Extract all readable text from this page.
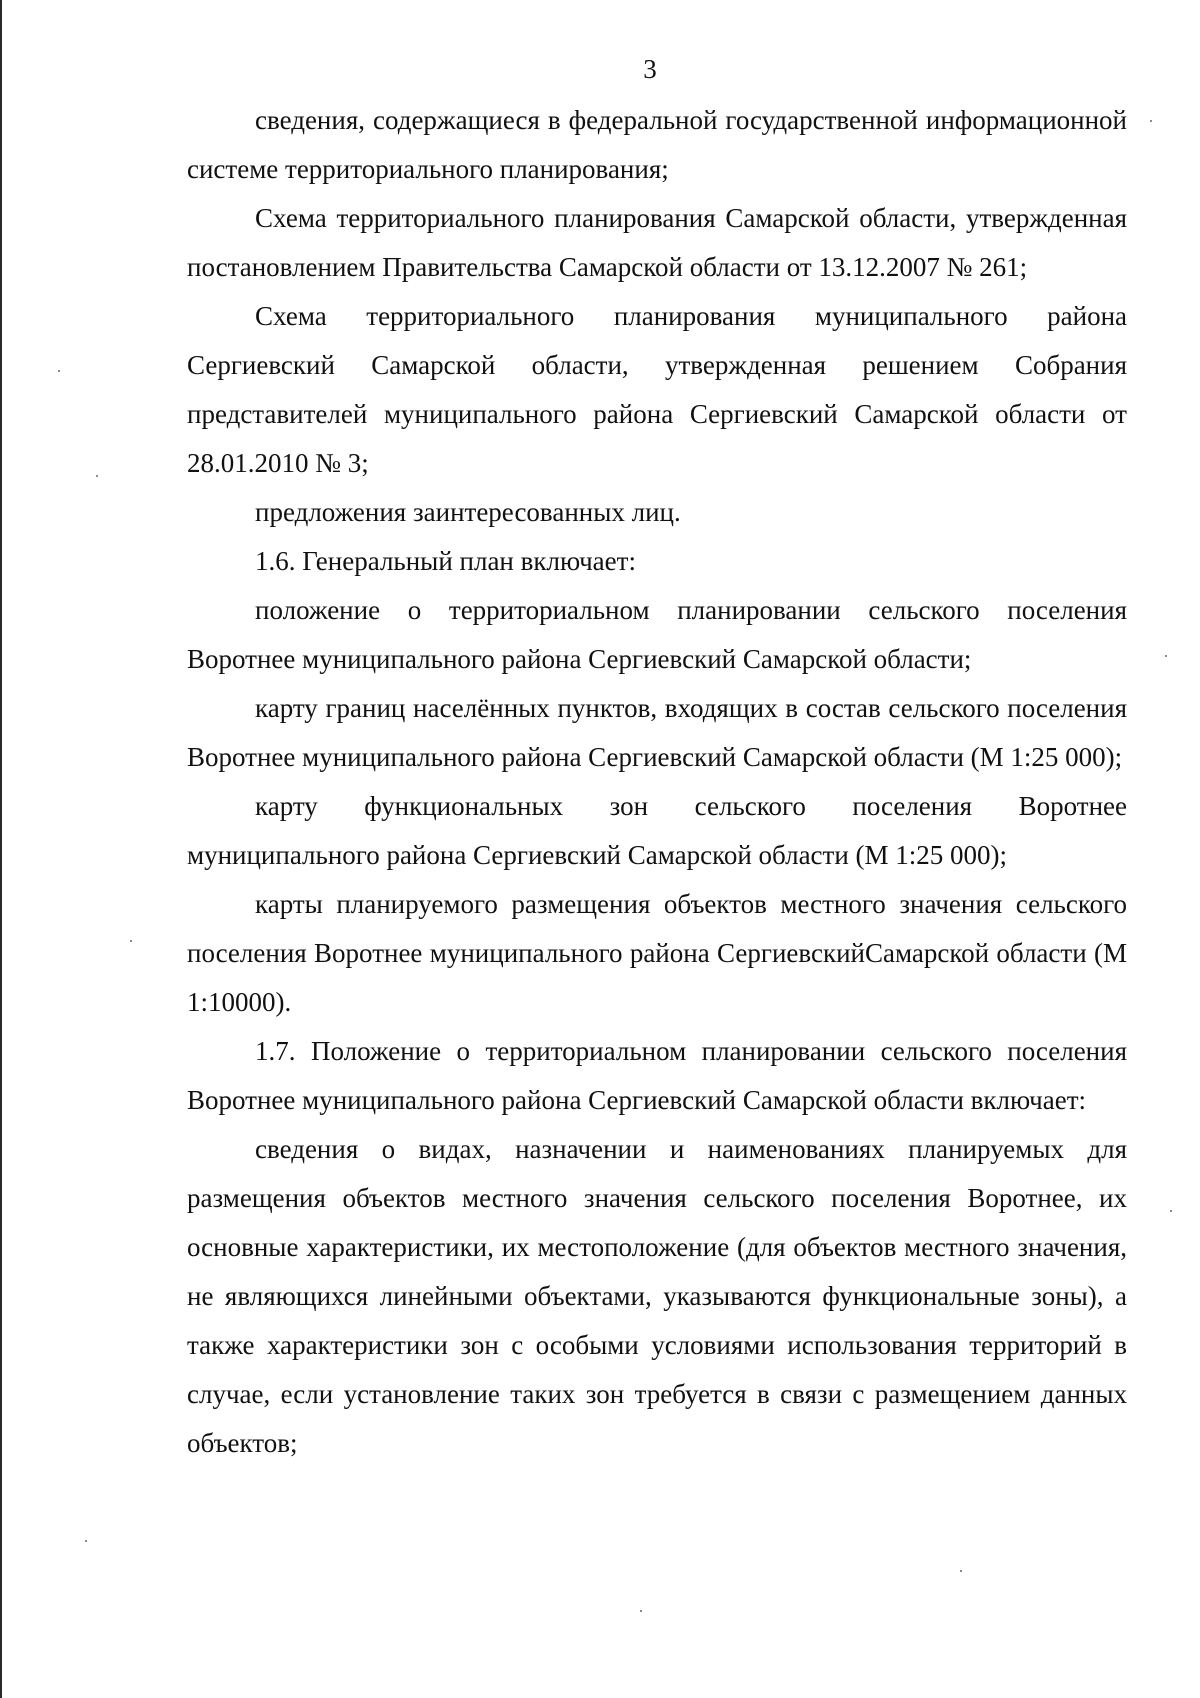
3

сведения, содержащиеся в федеральной государственной информационной системе территориального планирования;

Схема территориального планирования Самарской области, утвержденная постановлением Правительства Самарской области от 13.12.2007 № 261;

Схема территориального планирования муниципального района Сергиевский Самарской области, утвержденная решением Собрания представителей муниципального района Сергиевский Самарской области от 28.01.2010 № 3;

предложения заинтересованных лиц.

1.6. Генеральный план включает:

положение о территориальном планировании сельского поселения Воротнее муниципального района Сергиевский Самарской области;

карту границ населённых пунктов, входящих в состав сельского поселения Воротнее муниципального района Сергиевский Самарской области (М 1:25 000);

карту функциональных зон сельского поселения Воротнее муниципального района Сергиевский Самарской области (М 1:25 000);

карты планируемого размещения объектов местного значения сельского поселения Воротнее муниципального района СергиевскийСамарской области (М 1:10000).

1.7. Положение о территориальном планировании сельского поселения Воротнее муниципального района Сергиевский Самарской области включает:

сведения о видах, назначении и наименованиях планируемых для размещения объектов местного значения сельского поселения Воротнее, их основные характеристики, их местоположение (для объектов местного значения, не являющихся линейными объектами, указываются функциональные зоны), а также характеристики зон с особыми условиями использования территорий в случае, если установление таких зон требуется в связи с размещением данных объектов;
